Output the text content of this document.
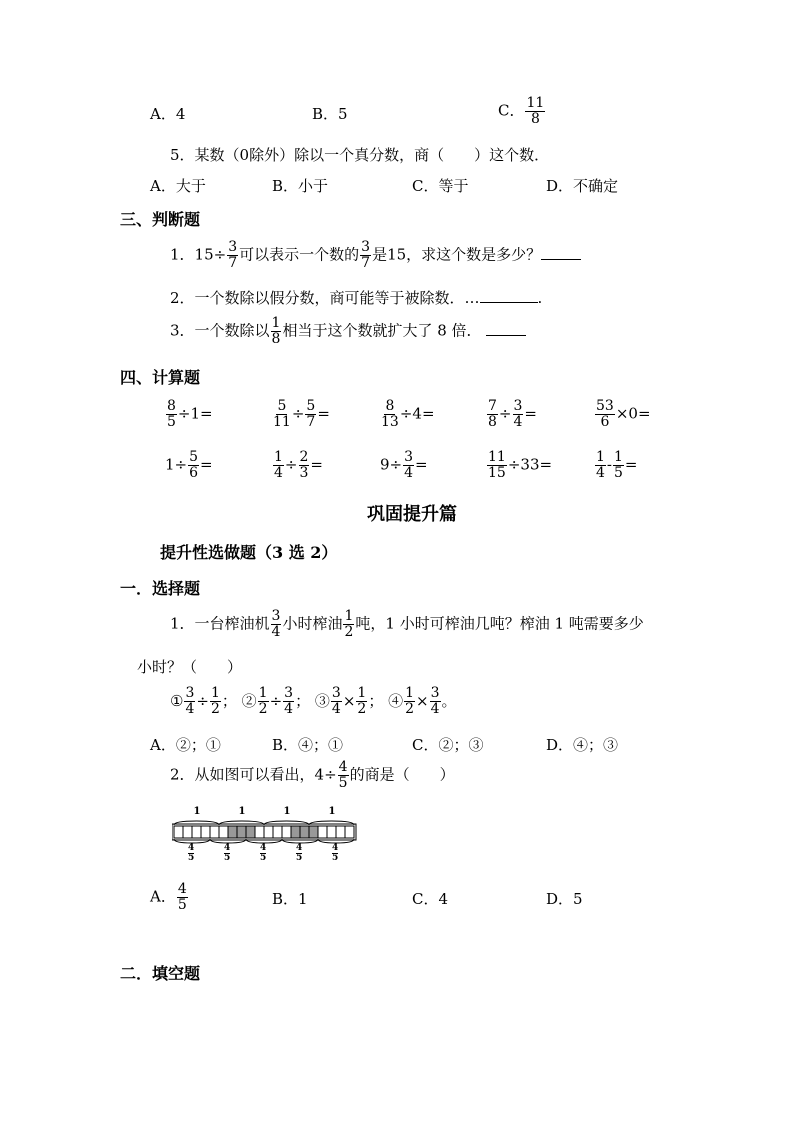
A．4	B．5	C． $\frac{11}{8}$
5．某数（0除外）除以一个真分数，商（　　）这个数．
A．大于	B．小于	C．等于	D．不确定
三、判断题
1．$15\div \frac{3}{7}$ 可以表示一个数的 $\frac{3}{7}$ 是15，求这个数是多少？
2．一个数除以假分数，商可能等于被除数．…	.
3．一个数除以 $\frac{1}{8}$ 相当于这个数就扩大了 8 倍．
四、计算题
巩固提升篇
提升性选做题（3 选 2）
一．选择题
1．一台榨油机 $\frac{3}{4}$ 小时榨油 $\frac{1}{2}$ 吨，1 小时可榨油几吨？榨油 1 吨需要多少
小时？（　　）
① $\frac{3}{4} \div \frac{1}{2}$ ； ② $\frac{1}{2} \div \frac{3}{4}$ ； ③ $\frac{3}{4} \times \frac{1}{2}$ ； ④ $\frac{1}{2} \times \frac{3}{4}$ 。
A．②；①	B．④；①	C．②；③	D．④；③
2．从如图可以看出，$4\div \frac{4}{5}$ 的商是（　　）
1	1	1	1
4
5
4
5
4
5
4
5
4
5
A． $\frac{4}{5}$	B．1	C．4	D．5
二．填空题
$\frac{8}{5} \div 1=$	$\frac{5}{11} \div \frac{5}{7}$ =	$\frac{8}{13} \div 4=$	$\frac{7}{8} \div \frac{3}{4}$ =	$\frac{53}{6} \times 0=$
$1\div \frac{5}{6}$ =	$\frac{1}{4} \div \frac{2}{3}$ =	$9\div \frac{3}{4}$ =	$\frac{11}{15} \div 33=$	$\frac{1}{4} - \frac{1}{5}$ =
